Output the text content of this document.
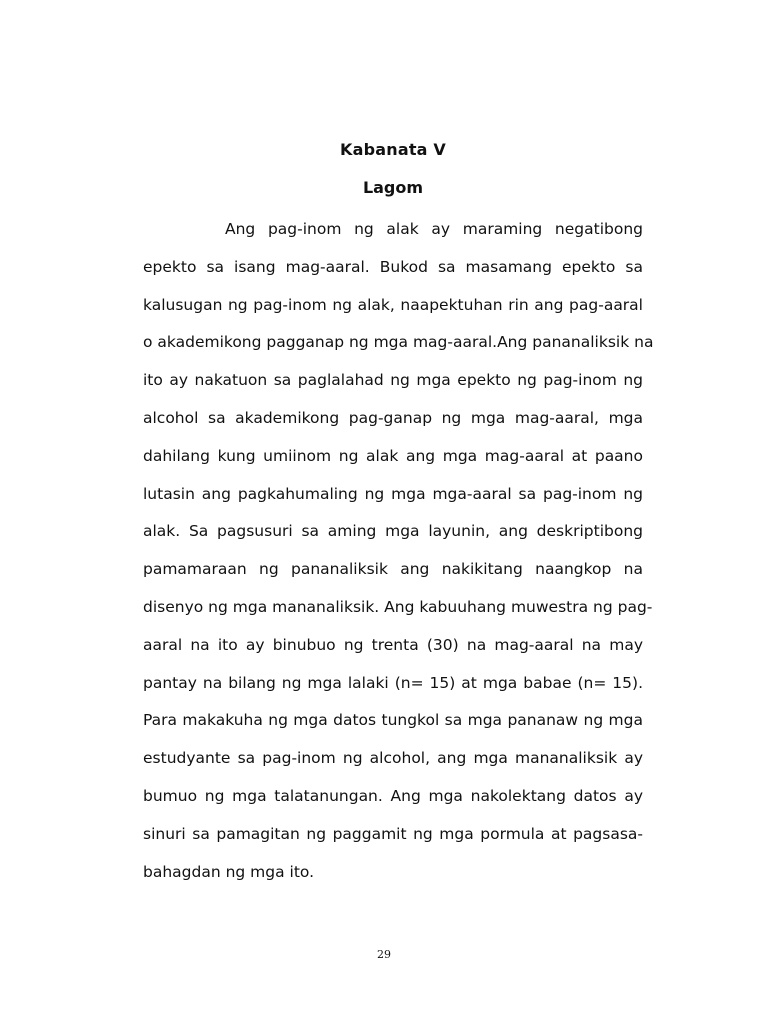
Kabanata V
Lagom
Ang pag-inom ng alak ay maraming negatibong
epekto sa isang mag-aaral. Bukod sa masamang epekto sa
kalusugan ng pag-inom ng alak, naapektuhan rin ang pag-aaral
o akademikong pagganap ng mga mag-aaral.Ang pananaliksik na
ito ay nakatuon sa paglalahad ng mga epekto ng pag-inom ng
alcohol sa akademikong pag-ganap ng mga mag-aaral, mga
dahilang kung umiinom ng alak ang mga mag-aaral at paano
lutasin ang pagkahumaling ng mga mga-aaral sa pag-inom ng
alak. Sa pagsusuri sa aming mga layunin, ang deskriptibong
pamamaraan ng pananaliksik ang nakikitang naangkop na
disenyo ng mga mananaliksik. Ang kabuuhang muwestra ng pag-
aaral na ito ay binubuo ng trenta (30) na mag-aaral na may
pantay na bilang ng mga lalaki (n= 15) at mga babae (n= 15).
Para makakuha ng mga datos tungkol sa mga pananaw ng mga
estudyante sa pag-inom ng alcohol, ang mga mananaliksik ay
bumuo ng mga talatanungan. Ang mga nakolektang datos ay
sinuri sa pamagitan ng paggamit ng mga pormula at pagsasa-
bahagdan ng mga ito.
29
